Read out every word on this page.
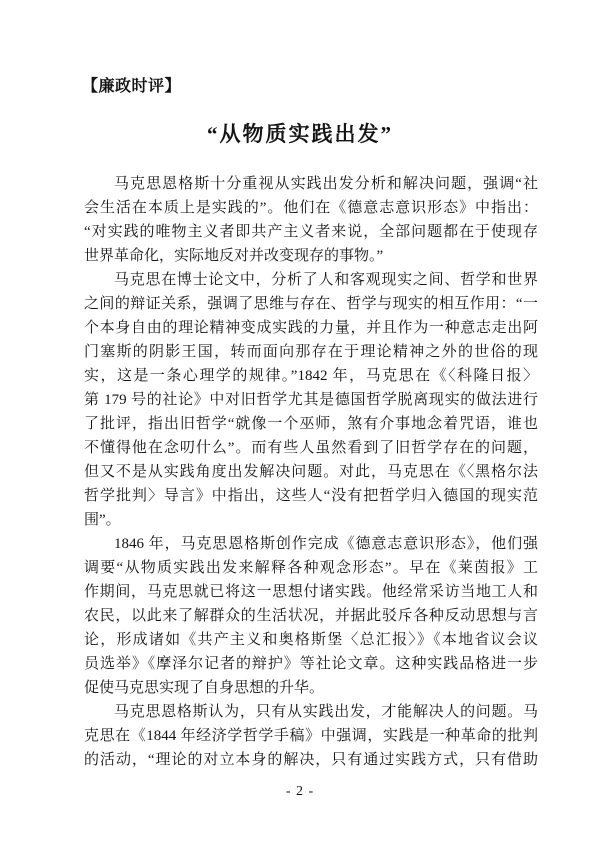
【廉政时评】
“从物质实践出发”
马克思恩格斯十分重视从实践出发分析和解决问题，强调“社
会生活在本质上是实践的”。他们在《德意志意识形态》中指出：
“对实践的唯物主义者即共产主义者来说，全部问题都在于使现存
世界革命化，实际地反对并改变现存的事物。”
马克思在博士论文中，分析了人和客观现实之间、哲学和世界
之间的辩证关系，强调了思维与存在、哲学与现实的相互作用：“一
个本身自由的理论精神变成实践的力量，并且作为一种意志走出阿
门塞斯的阴影王国，转而面向那存在于理论精神之外的世俗的现
实，这是一条心理学的规律。”1842 年，马克思在《〈科隆日报〉
第 179 号的社论》中对旧哲学尤其是德国哲学脱离现实的做法进行
了批评，指出旧哲学“就像一个巫师，煞有介事地念着咒语，谁也
不懂得他在念叨什么”。而有些人虽然看到了旧哲学存在的问题，
但又不是从实践角度出发解决问题。对此，马克思在《〈黑格尔法
哲学批判〉导言》中指出，这些人“没有把哲学归入德国的现实范
围”。
1846 年，马克思恩格斯创作完成《德意志意识形态》，他们强
调要“从物质实践出发来解释各种观念形态”。早在《莱茵报》工
作期间，马克思就已将这一思想付诸实践。他经常采访当地工人和
农民，以此来了解群众的生活状况，并据此驳斥各种反动思想与言
论，形成诸如《共产主义和奥格斯堡〈总汇报〉》《本地省议会议
员选举》《摩泽尔记者的辩护》等社论文章。这种实践品格进一步
促使马克思实现了自身思想的升华。
马克思恩格斯认为，只有从实践出发，才能解决人的问题。马
克思在《1844 年经济学哲学手稿》中强调，实践是一种革命的批判
的活动，“理论的对立本身的解决，只有通过实践方式，只有借助
- 2 -
